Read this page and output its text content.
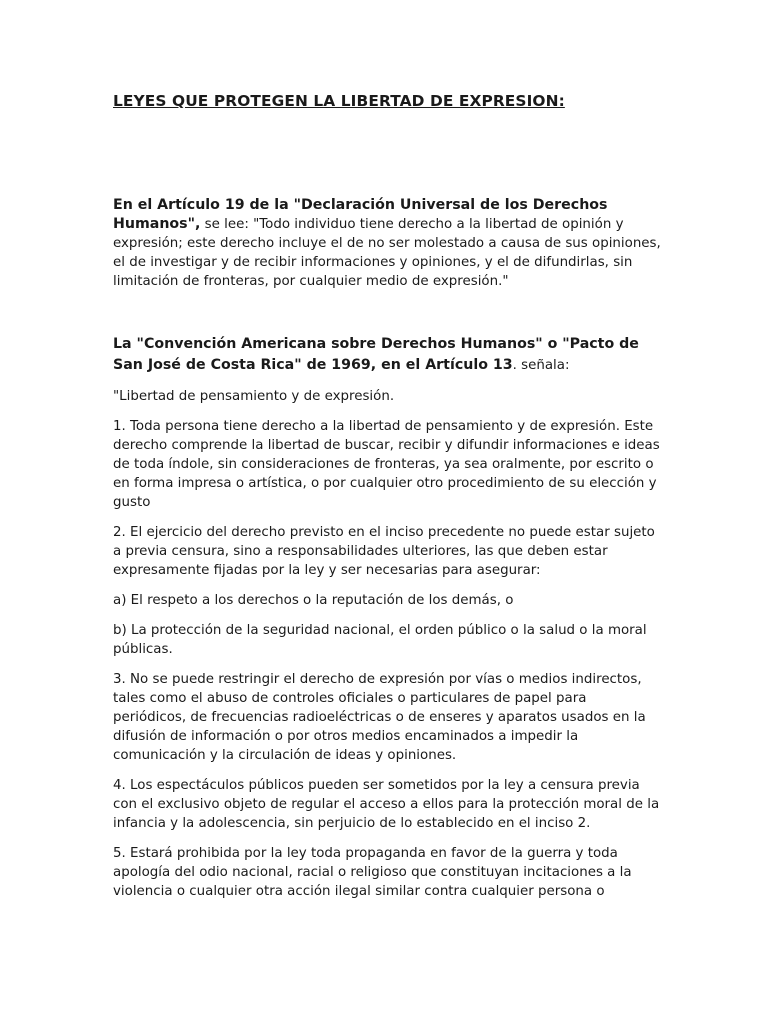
LEYES QUE PROTEGEN LA LIBERTAD DE EXPRESION:

En el Artículo 19 de la "Declaración Universal de los Derechos Humanos", se lee: "Todo individuo tiene derecho a la libertad de opinión y expresión; este derecho incluye el de no ser molestado a causa de sus opiniones, el de investigar y de recibir informaciones y opiniones, y el de difundirlas, sin limitación de fronteras, por cualquier medio de expresión."

La "Convención Americana sobre Derechos Humanos" o "Pacto de San José de Costa Rica" de 1969, en el Artículo 13. señala:

"Libertad de pensamiento y de expresión.

1. Toda persona tiene derecho a la libertad de pensamiento y de expresión. Este derecho comprende la libertad de buscar, recibir y difundir informaciones e ideas de toda índole, sin consideraciones de fronteras, ya sea oralmente, por escrito o en forma impresa o artística, o por cualquier otro procedimiento de su elección y gusto

2. El ejercicio del derecho previsto en el inciso precedente no puede estar sujeto a previa censura, sino a responsabilidades ulteriores, las que deben estar expresamente fijadas por la ley y ser necesarias para asegurar:

a) El respeto a los derechos o la reputación de los demás, o

b) La protección de la seguridad nacional, el orden público o la salud o la moral públicas.

3. No se puede restringir el derecho de expresión por vías o medios indirectos, tales como el abuso de controles oficiales o particulares de papel para periódicos, de frecuencias radioeléctricas o de enseres y aparatos usados en la difusión de información o por otros medios encaminados a impedir la comunicación y la circulación de ideas y opiniones.

4. Los espectáculos públicos pueden ser sometidos por la ley a censura previa con el exclusivo objeto de regular el acceso a ellos para la protección moral de la infancia y la adolescencia, sin perjuicio de lo establecido en el inciso 2.

5. Estará prohibida por la ley toda propaganda en favor de la guerra y toda apología del odio nacional, racial o religioso que constituyan incitaciones a la violencia o cualquier otra acción ilegal similar contra cualquier persona o
